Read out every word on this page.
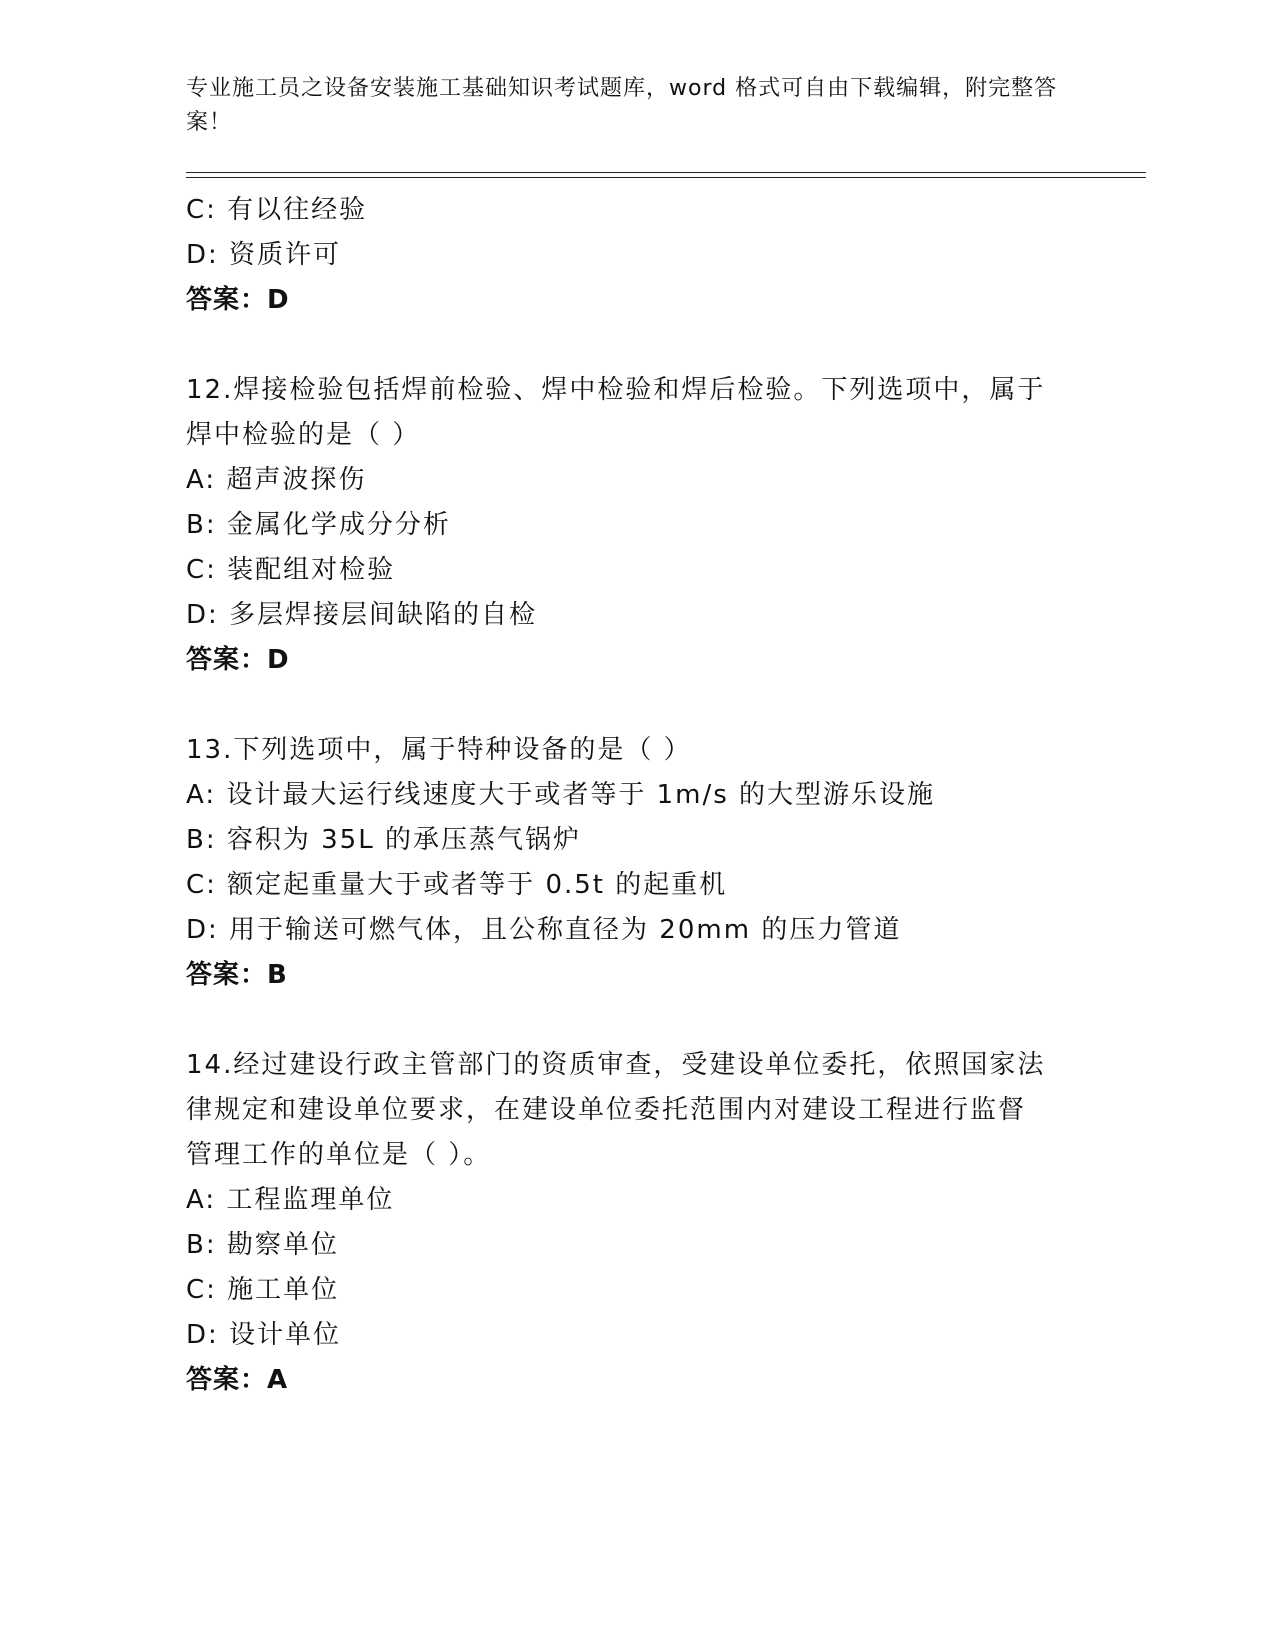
专业施工员之设备安装施工基础知识考试题库，word 格式可自由下载编辑，附完整答案！
C: 有以往经验
D: 资质许可
答案：D
12.焊接检验包括焊前检验、焊中检验和焊后检验。下列选项中，属于
焊中检验的是（ ）
A: 超声波探伤
B: 金属化学成分分析
C: 装配组对检验
D: 多层焊接层间缺陷的自检
答案：D
13.下列选项中，属于特种设备的是（ ）
A: 设计最大运行线速度大于或者等于 1m/s 的大型游乐设施
B: 容积为 35L 的承压蒸气锅炉
C: 额定起重量大于或者等于 0.5t 的起重机
D: 用于输送可燃气体，且公称直径为 20mm 的压力管道
答案：B
14.经过建设行政主管部门的资质审查，受建设单位委托，依照国家法
律规定和建设单位要求，在建设单位委托范围内对建设工程进行监督
管理工作的单位是（ ）。
A: 工程监理单位
B: 勘察单位
C: 施工单位
D: 设计单位
答案：A
